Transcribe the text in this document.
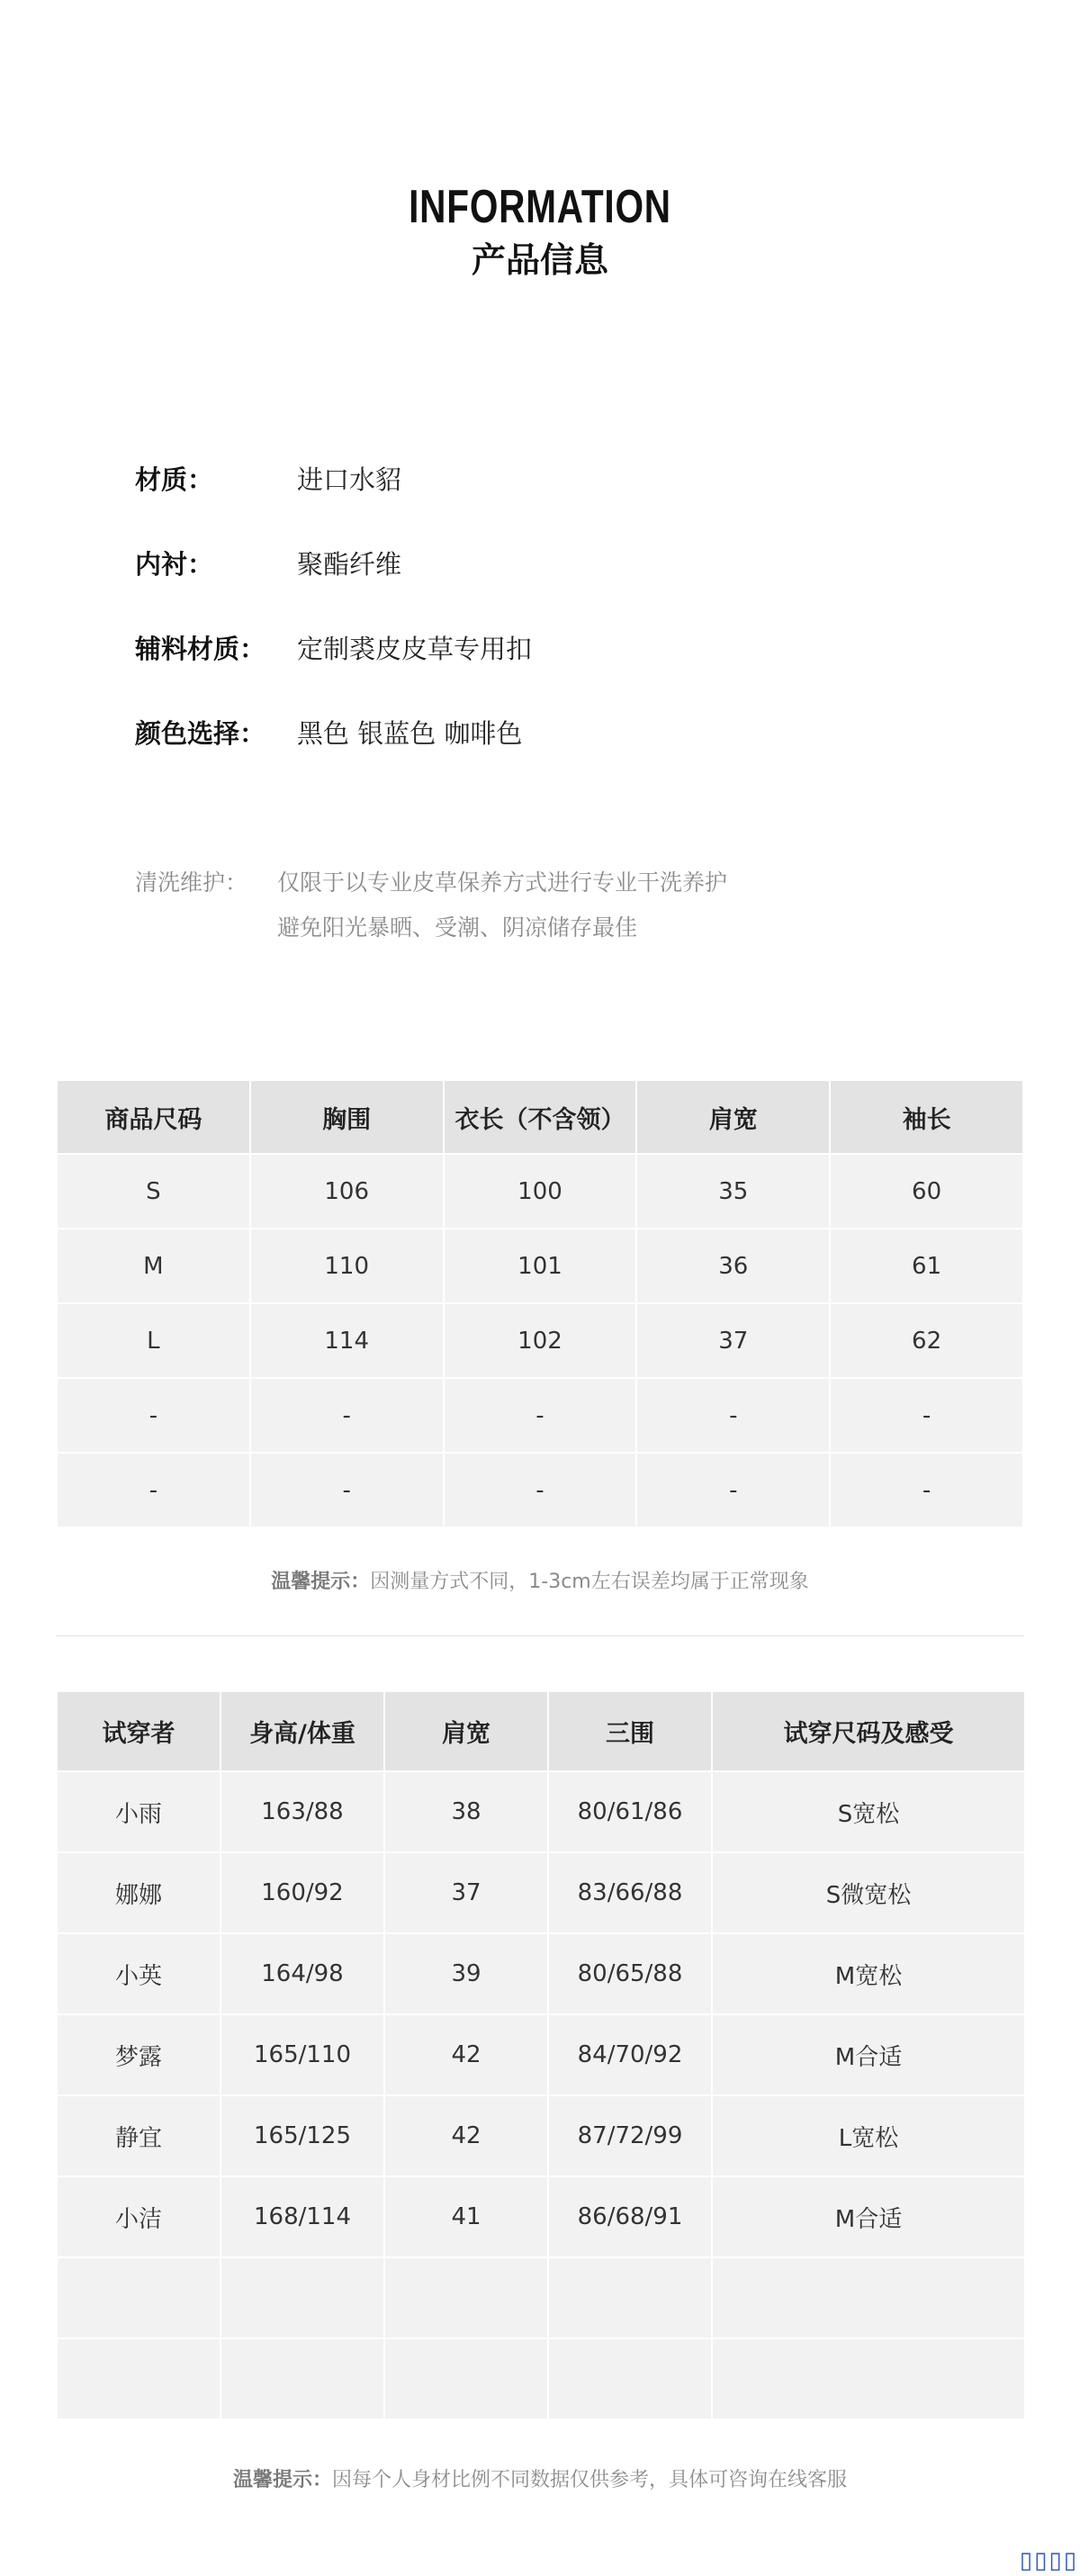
INFORMATION
产品信息
材质：	进口水貂
内衬：	聚酯纤维
辅料材质：	定制裘皮皮草专用扣
颜色选择：	黑色 银蓝色 咖啡色
清洗维护：	仅限于以专业皮草保养方式进行专业干洗养护
避免阳光暴晒、受潮、阴凉储存最佳
商品尺码	胸围	衣长（不含领）	肩宽	袖长
S	106	100	35	60
M	110	101	36	61
L	114	102	37	62
-	-	-	-	-
-	-	-	-	-
温馨提示：因测量方式不同，1-3cm左右误差均属于正常现象
试穿者	身高/体重	肩宽	三围	试穿尺码及感受
小雨	163/88	38	80/61/86	S宽松
娜娜	160/92	37	83/66/88	S微宽松
小英	164/98	39	80/65/88	M宽松
梦露	165/110	42	84/70/92	M合适
静宜	165/125	42	87/72/99	L宽松
小洁	168/114	41	86/68/91	M合适

温馨提示：因每个人身材比例不同数据仅供参考，具体可咨询在线客服
▯▯▯▯
